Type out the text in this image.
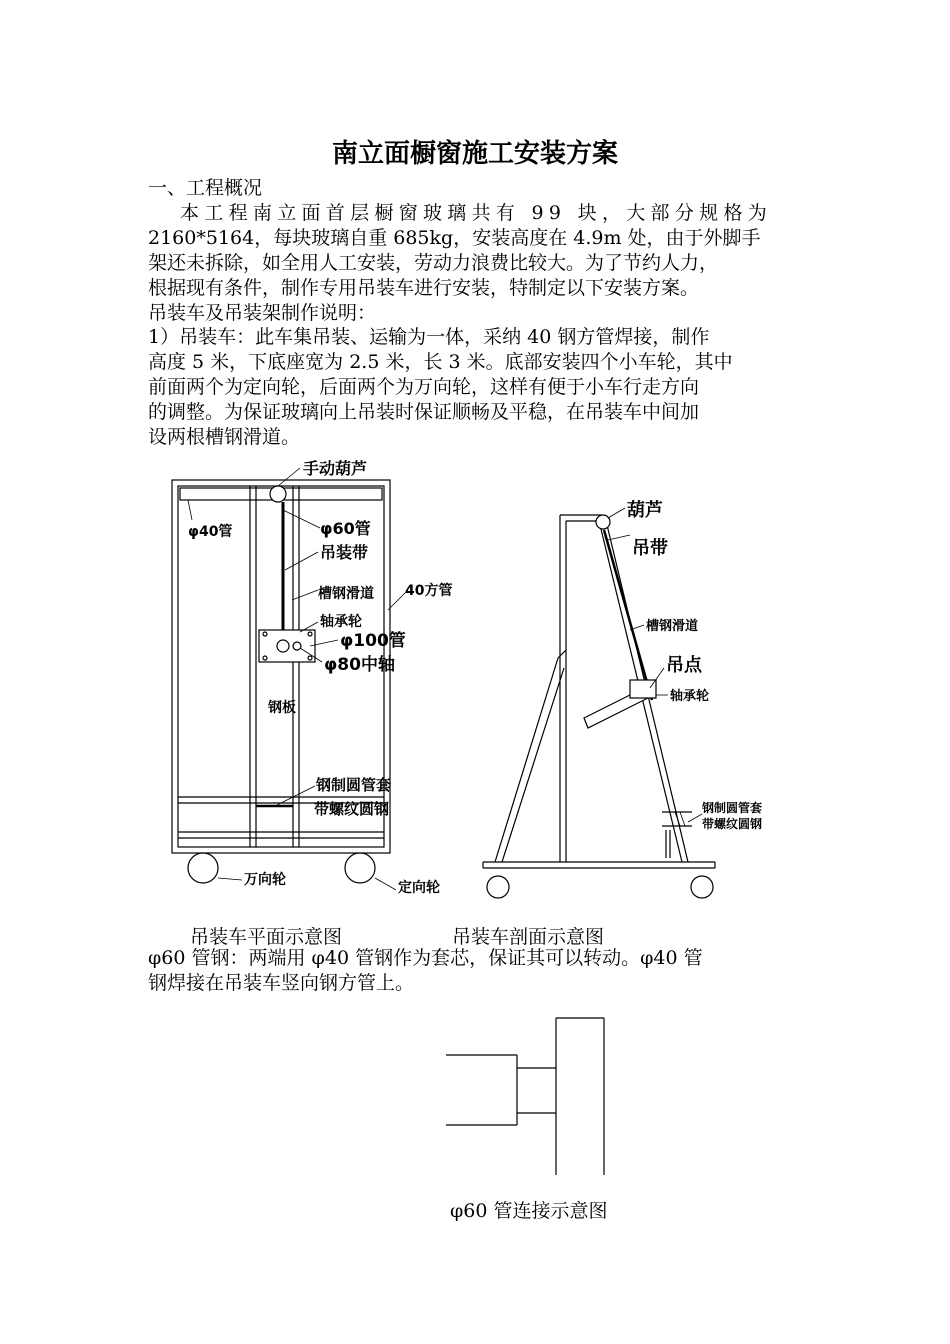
南立面橱窗施工安装方案
一、工程概况
本工程南立面首层橱窗玻璃共有 99 块，大部分规格为
2160*5164，每块玻璃自重 685kg，安装高度在 4.9m 处，由于外脚手
架还未拆除，如全用人工安装，劳动力浪费比较大。为了节约人力，
根据现有条件，制作专用吊装车进行安装，特制定以下安装方案。
吊装车及吊装架制作说明：
1）吊装车：此车集吊装、运输为一体，采纳 40 钢方管焊接，制作
高度 5 米，下底座宽为 2.5 米，长 3 米。底部安装四个小车轮，其中
前面两个为定向轮，后面两个为万向轮，这样有便于小车行走方向
的调整。为保证玻璃向上吊装时保证顺畅及平稳，在吊装车中间加
设两根槽钢滑道。
手动葫芦
φ40管	φ60管
吊装带
槽钢滑道 40方管
轴承轮
φ100管
φ80中轴
钢板
钢制圆管套
带螺纹圆钢
万向轮	定向轮
葫芦
吊带
槽钢滑道
吊点
轴承轮
钢制圆管套
带螺纹圆钢
吊装车平面示意图	吊装车剖面示意图
φ60 管钢：两端用 φ40 管钢作为套芯，保证其可以转动。φ40 管
钢焊接在吊装车竖向钢方管上。
φ60 管连接示意图
